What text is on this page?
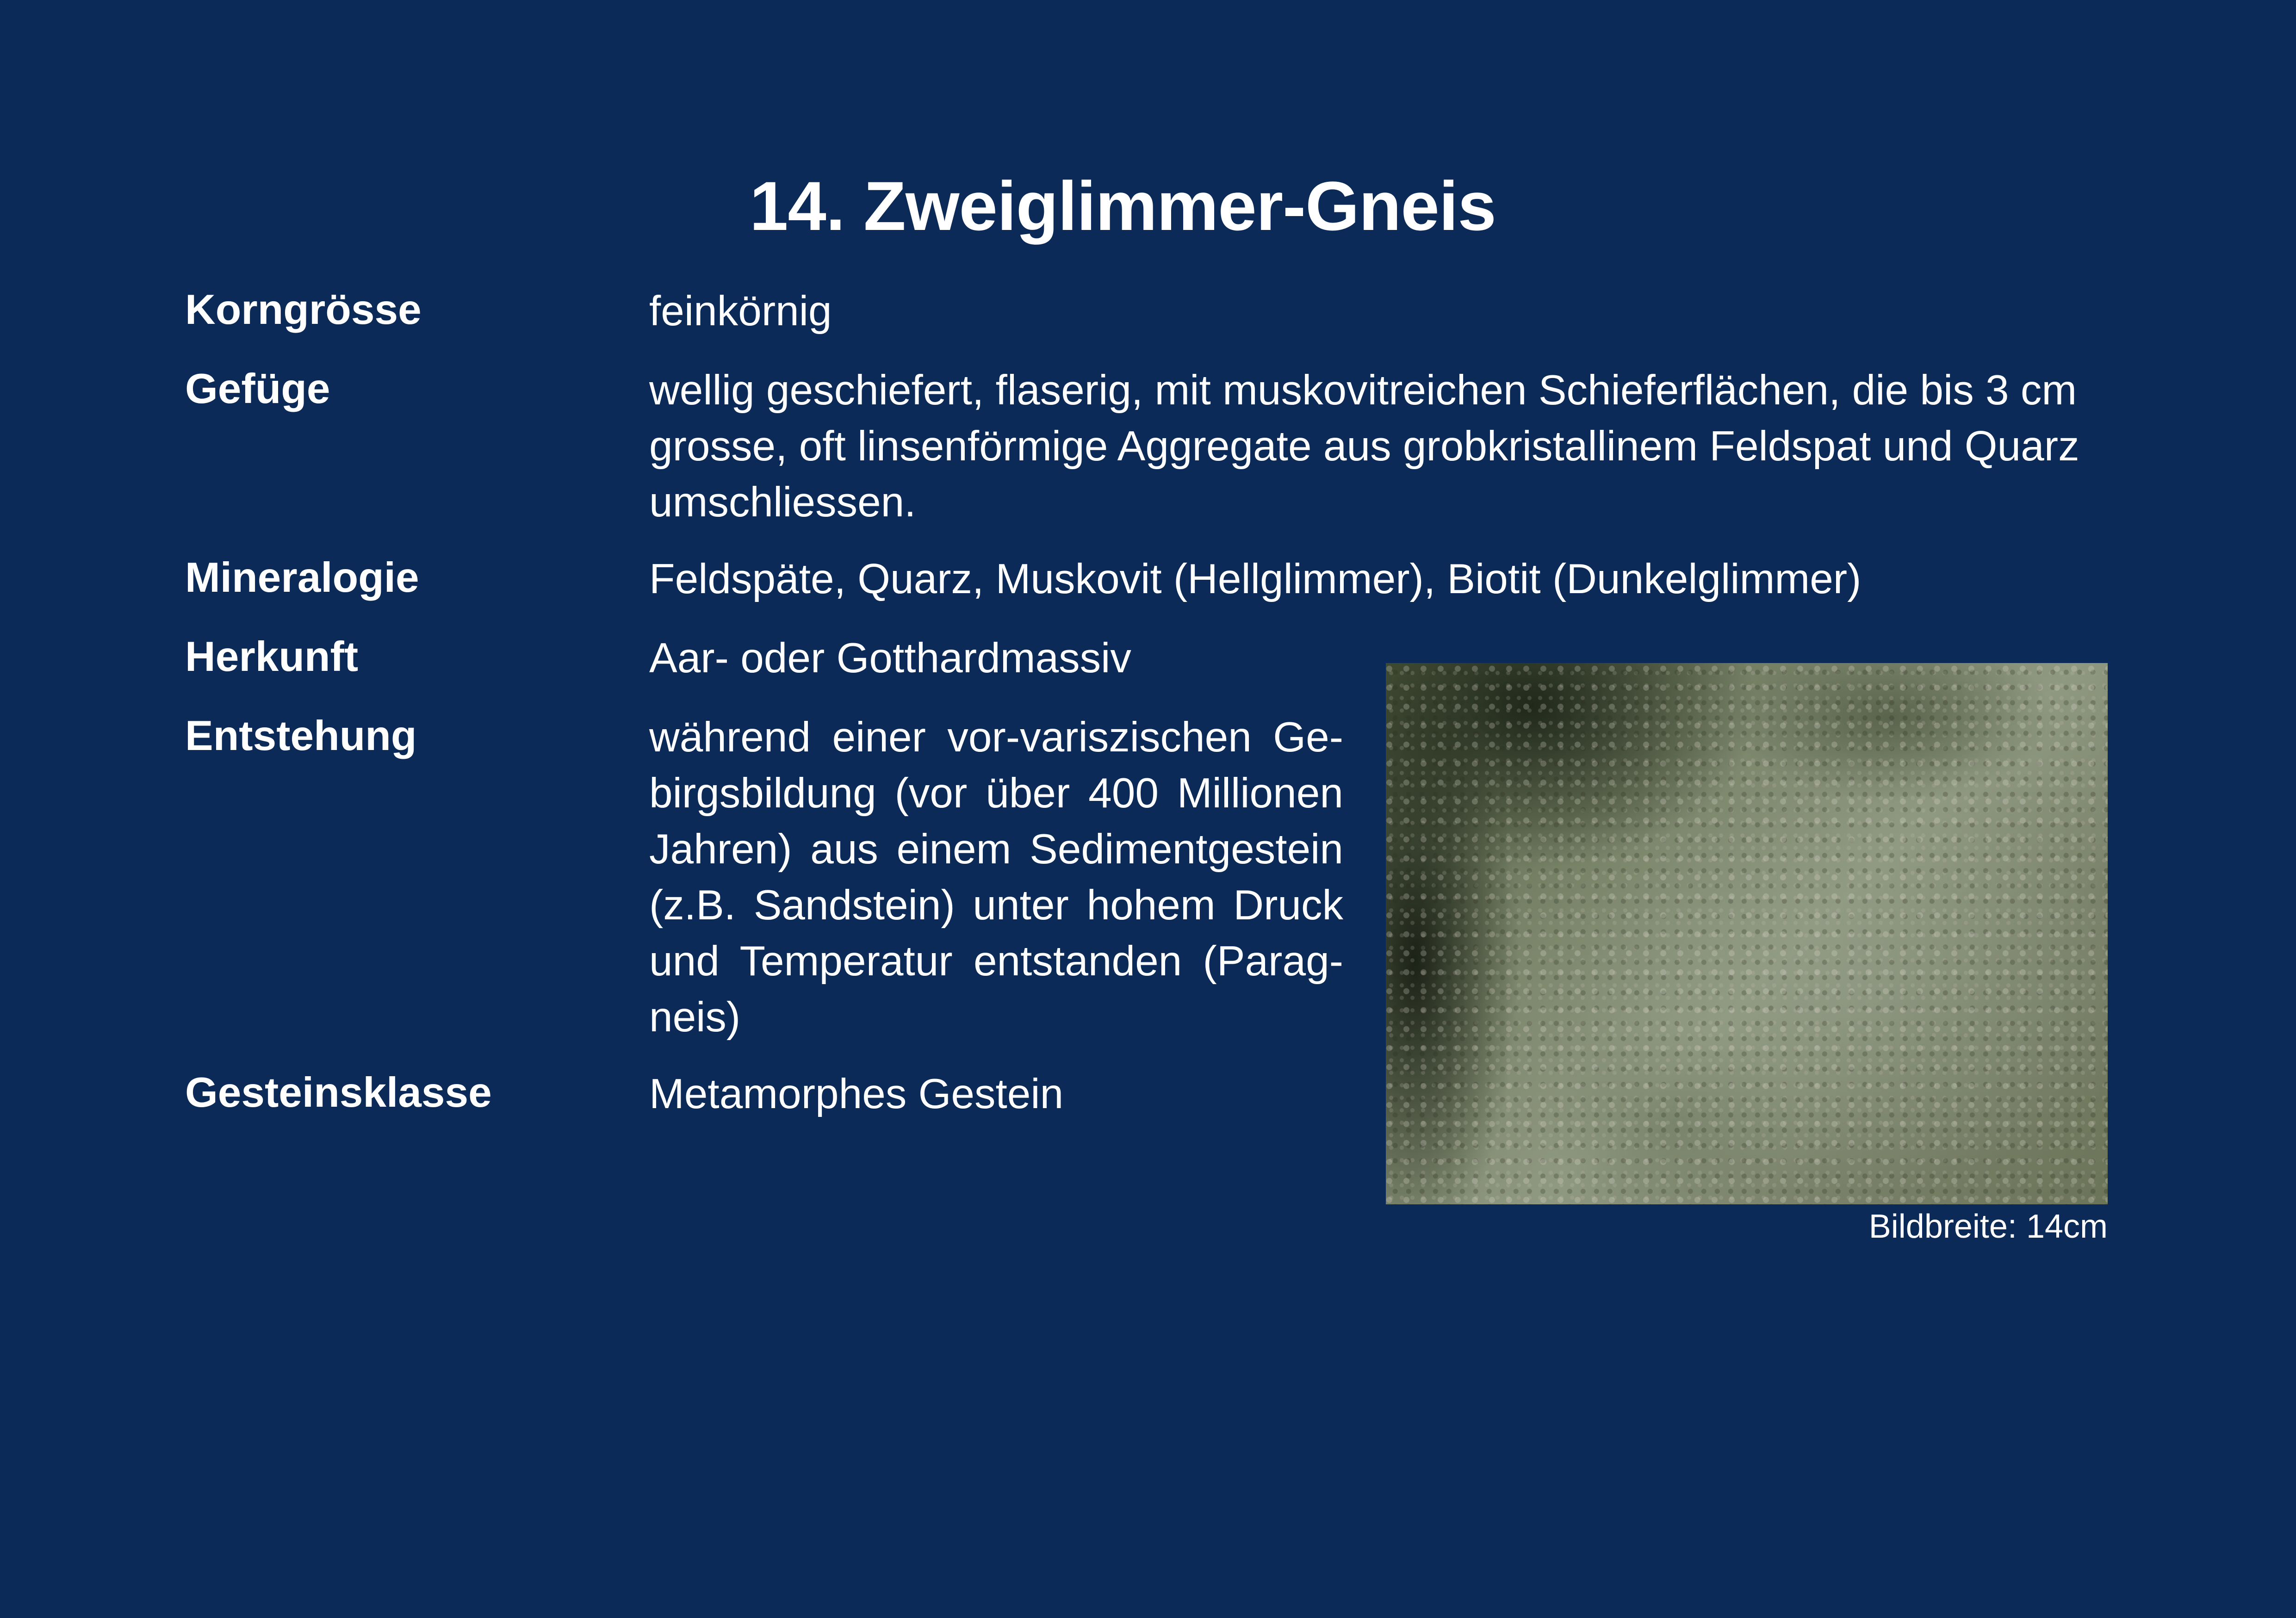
14. Zweiglimmer-Gneis
Korngrösse	feinkörnig
Gefüge	wellig geschiefert, flaserig, mit muskovitreichen Schieferflächen, die bis 3 cm grosse, oft linsenförmige Aggregate aus grobkristallinem Feldspat und Quarz umschliessen.
Mineralogie	Feldspäte, Quarz, Muskovit (Hellglimmer), Biotit (Dunkelglimmer)
Herkunft	Aar- oder Gotthardmassiv
Entstehung	während einer vor-variszischen Gebirgsbildung (vor über 400 Millionen Jahren) aus einem Sedimentgestein (z.B. Sandstein) unter hohem Druck und Temperatur entstanden (Paragneis)
Gesteinsklasse	Metamorphes Gestein
Bildbreite: 14cm
